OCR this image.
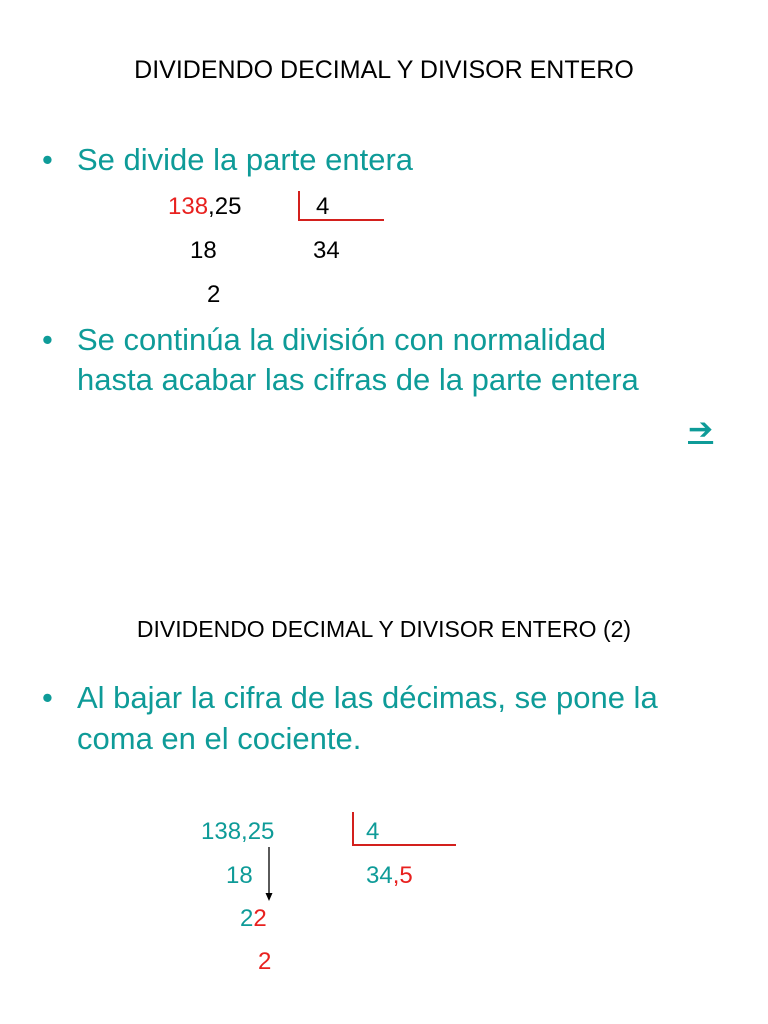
DIVIDENDO DECIMAL Y DIVISOR ENTERO
• Se divide la parte entera
138,25	4
18	34
2
• Se continúa la división con normalidad
hasta acabar las cifras de la parte entera
➔
DIVIDENDO DECIMAL Y DIVISOR ENTERO (2)
• Al bajar la cifra de las décimas, se pone la
coma en el cociente.
138,25	4
18	34,5
22
2
